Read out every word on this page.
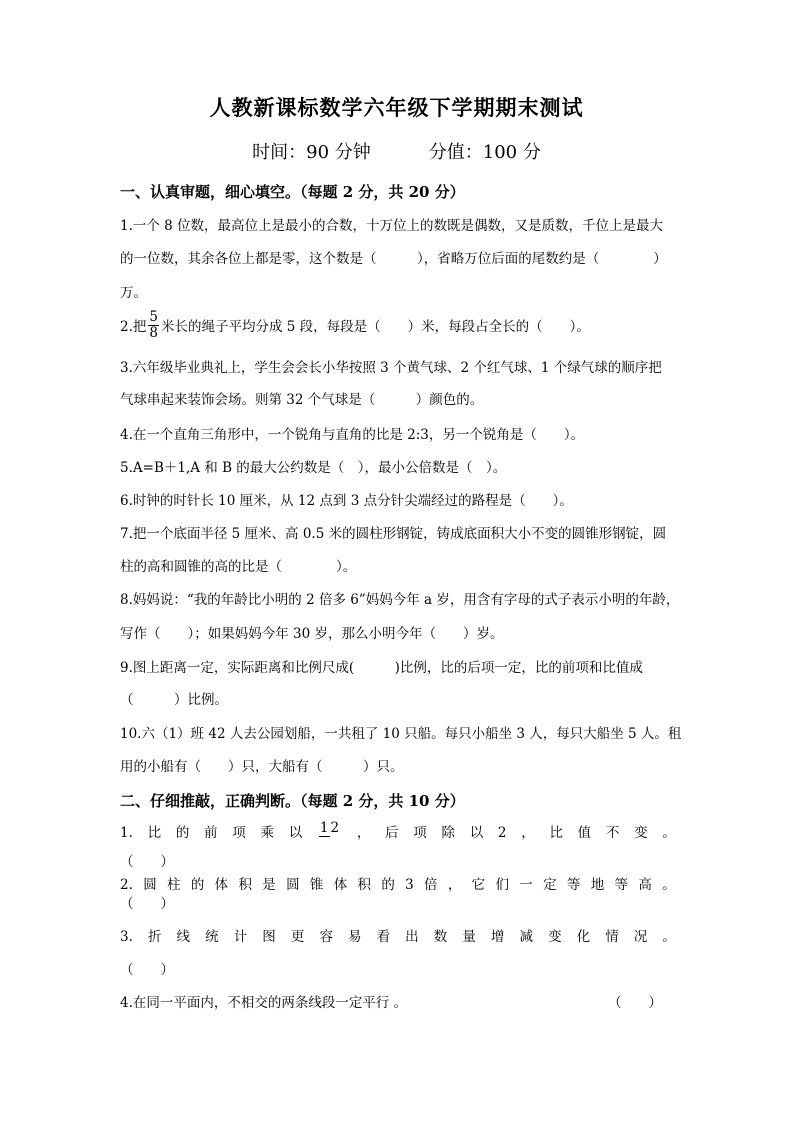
人教新课标数学六年级下学期期末测试
时间：90 分钟	分值：100 分
一、认真审题，细心填空。（每题 2 分，共 20 分）
1.一个 8 位数，最高位上是最小的合数，十万位上的数既是偶数，又是质数，千位上是最大
的一位数，其余各位上都是零，这个数是（　　　），省略万位后面的尾数约是（　　　　）
万。
2.把 $\frac{5}{8}$ 米长的绳子平均分成 5 段，每段是（　　）米，每段占全长的（　　）。
3.六年级毕业典礼上，学生会会长小华按照 3 个黄气球、2 个红气球、1 个绿气球的顺序把
气球串起来装饰会场。则第 32 个气球是（　　　）颜色的。
4.在一个直角三角形中，一个锐角与直角的比是 2:3，另一个锐角是（　　）。
5.A=B＋1,A 和 B 的最大公约数是（　），最小公倍数是（　）。
6.时钟的时针长 10 厘米，从 12 点到 3 点分针尖端经过的路程是（　　）。
7.把一个底面半径 5 厘米、高 0.5 米的圆柱形钢锭，铸成底面积大小不变的圆锥形钢锭，圆
柱的高和圆锥的高的比是（　　　　）。
8.妈妈说：“我的年龄比小明的 2 倍多 6”妈妈今年 a 岁，用含有字母的式子表示小明的年龄，
写作（　　）；如果妈妈今年 30 岁，那么小明今年（　　）岁。
9.图上距离一定，实际距离和比例尺成(　　　)比例，比的后项一定，比的前项和比值成
（　　　）比例。
10.六（1）班 42 人去公园划船，一共租了 10 只船。每只小船坐 3 人，每只大船坐 5 人。租
用的小船有（　　）只，大船有（　　　）只。
二、仔细推敲，正确判断。（每题 2 分，共 10 分）
1. 比 的 前 项 乘 以 1 2 ， 后 项 除 以 2 ， 比 值 不 变 。
（　　）
2. 圆 柱 的 体 积 是 圆 锥 体 积 的 3 倍 ， 它 们 一 定 等 地 等 高 。
（　　）
3. 折 线 统 计 图 更 容 易 看 出 数 量 增 减 变 化 情 况 。
（　　）
4.在同一平面内，不相交的两条线段一定平行 。	（　　）
